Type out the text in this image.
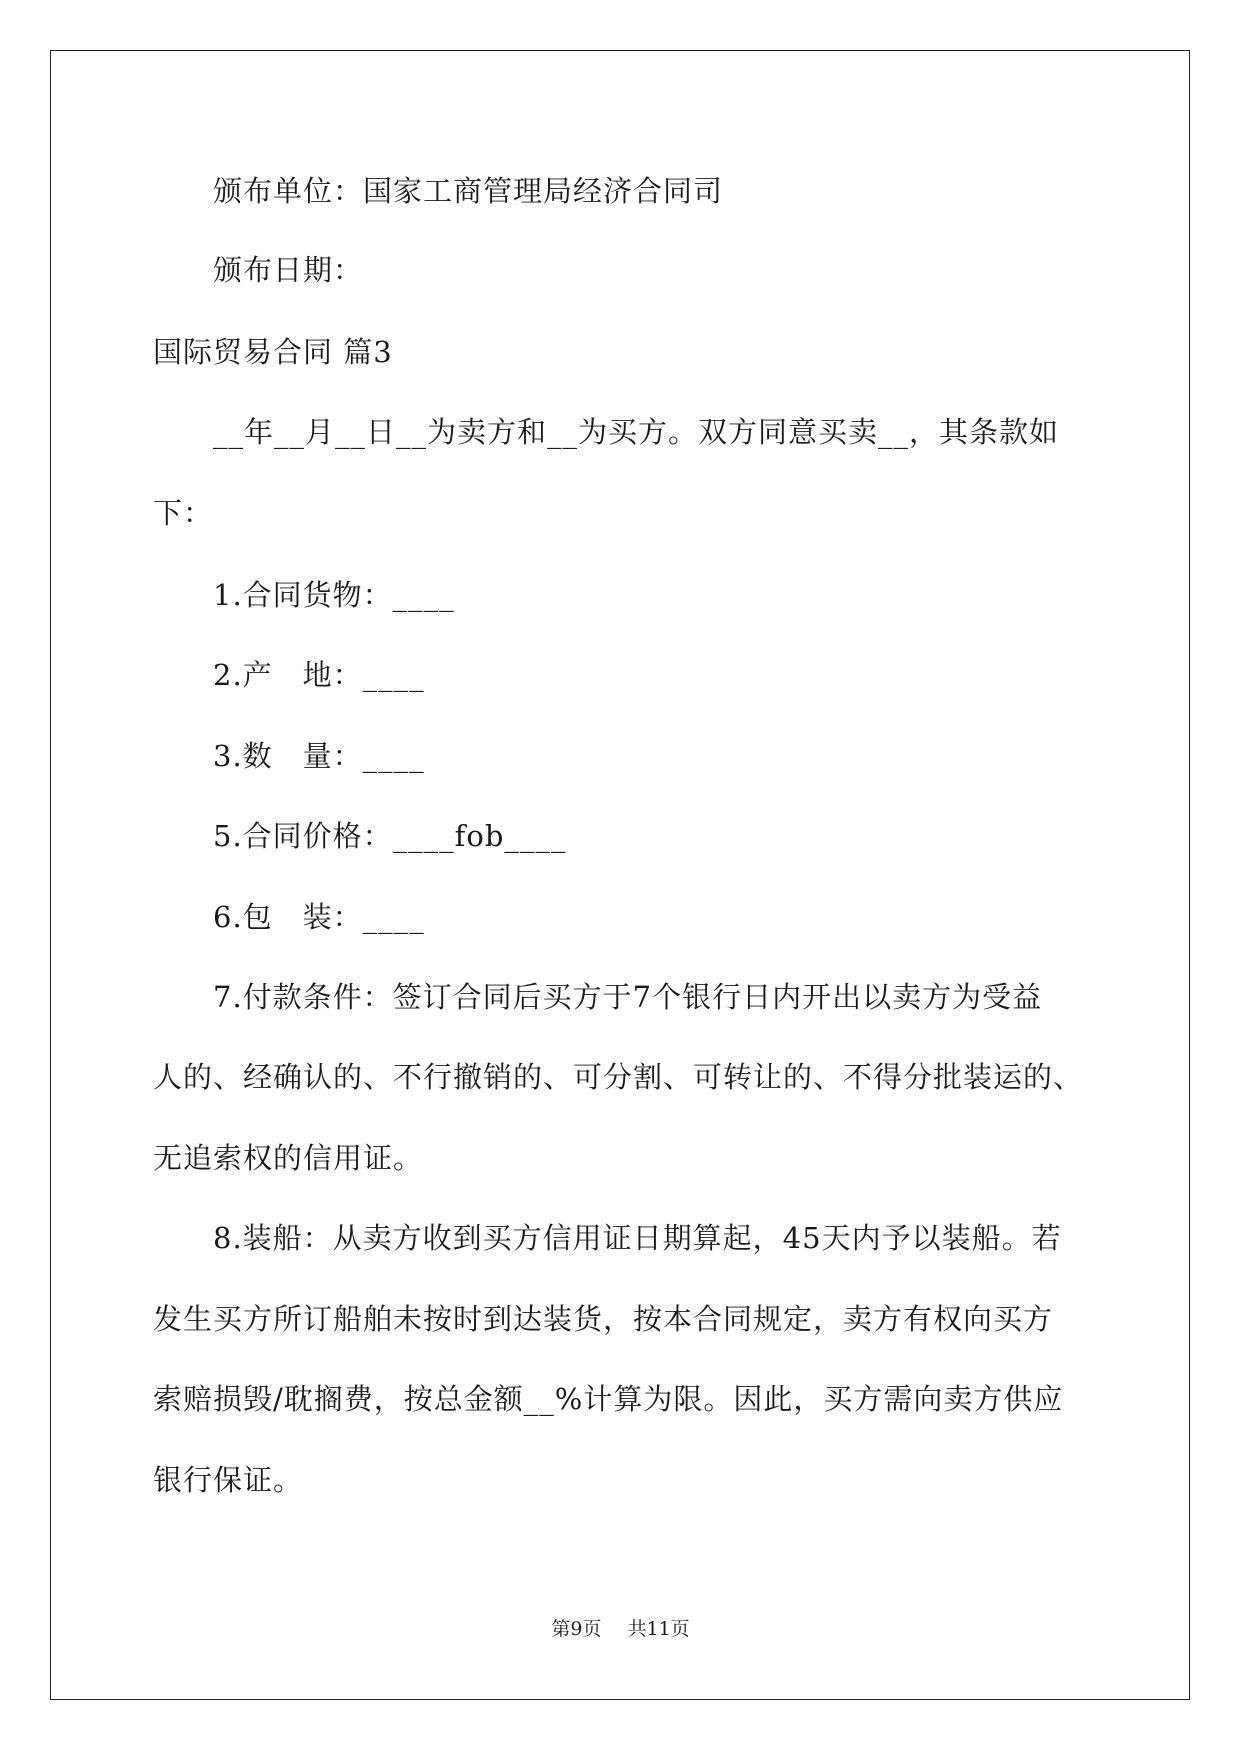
颁布单位：国家工商管理局经济合同司
颁布日期：
国际贸易合同 篇3
__年__月__日__为卖方和__为买方。双方同意买卖__，其条款如
下：
1.合同货物：____
2.产　地：____
3.数　量：____
5.合同价格：____fob____
6.包　装：____
7.付款条件：签订合同后买方于7个银行日内开出以卖方为受益
人的、经确认的、不行撤销的、可分割、可转让的、不得分批装运的、
无追索权的信用证。
8.装船：从卖方收到买方信用证日期算起，45天内予以装船。若
发生买方所订船舶未按时到达装货，按本合同规定，卖方有权向买方
索赔损毁/耽搁费，按总金额__%计算为限。因此，买方需向卖方供应
银行保证。
第9页 共11页
